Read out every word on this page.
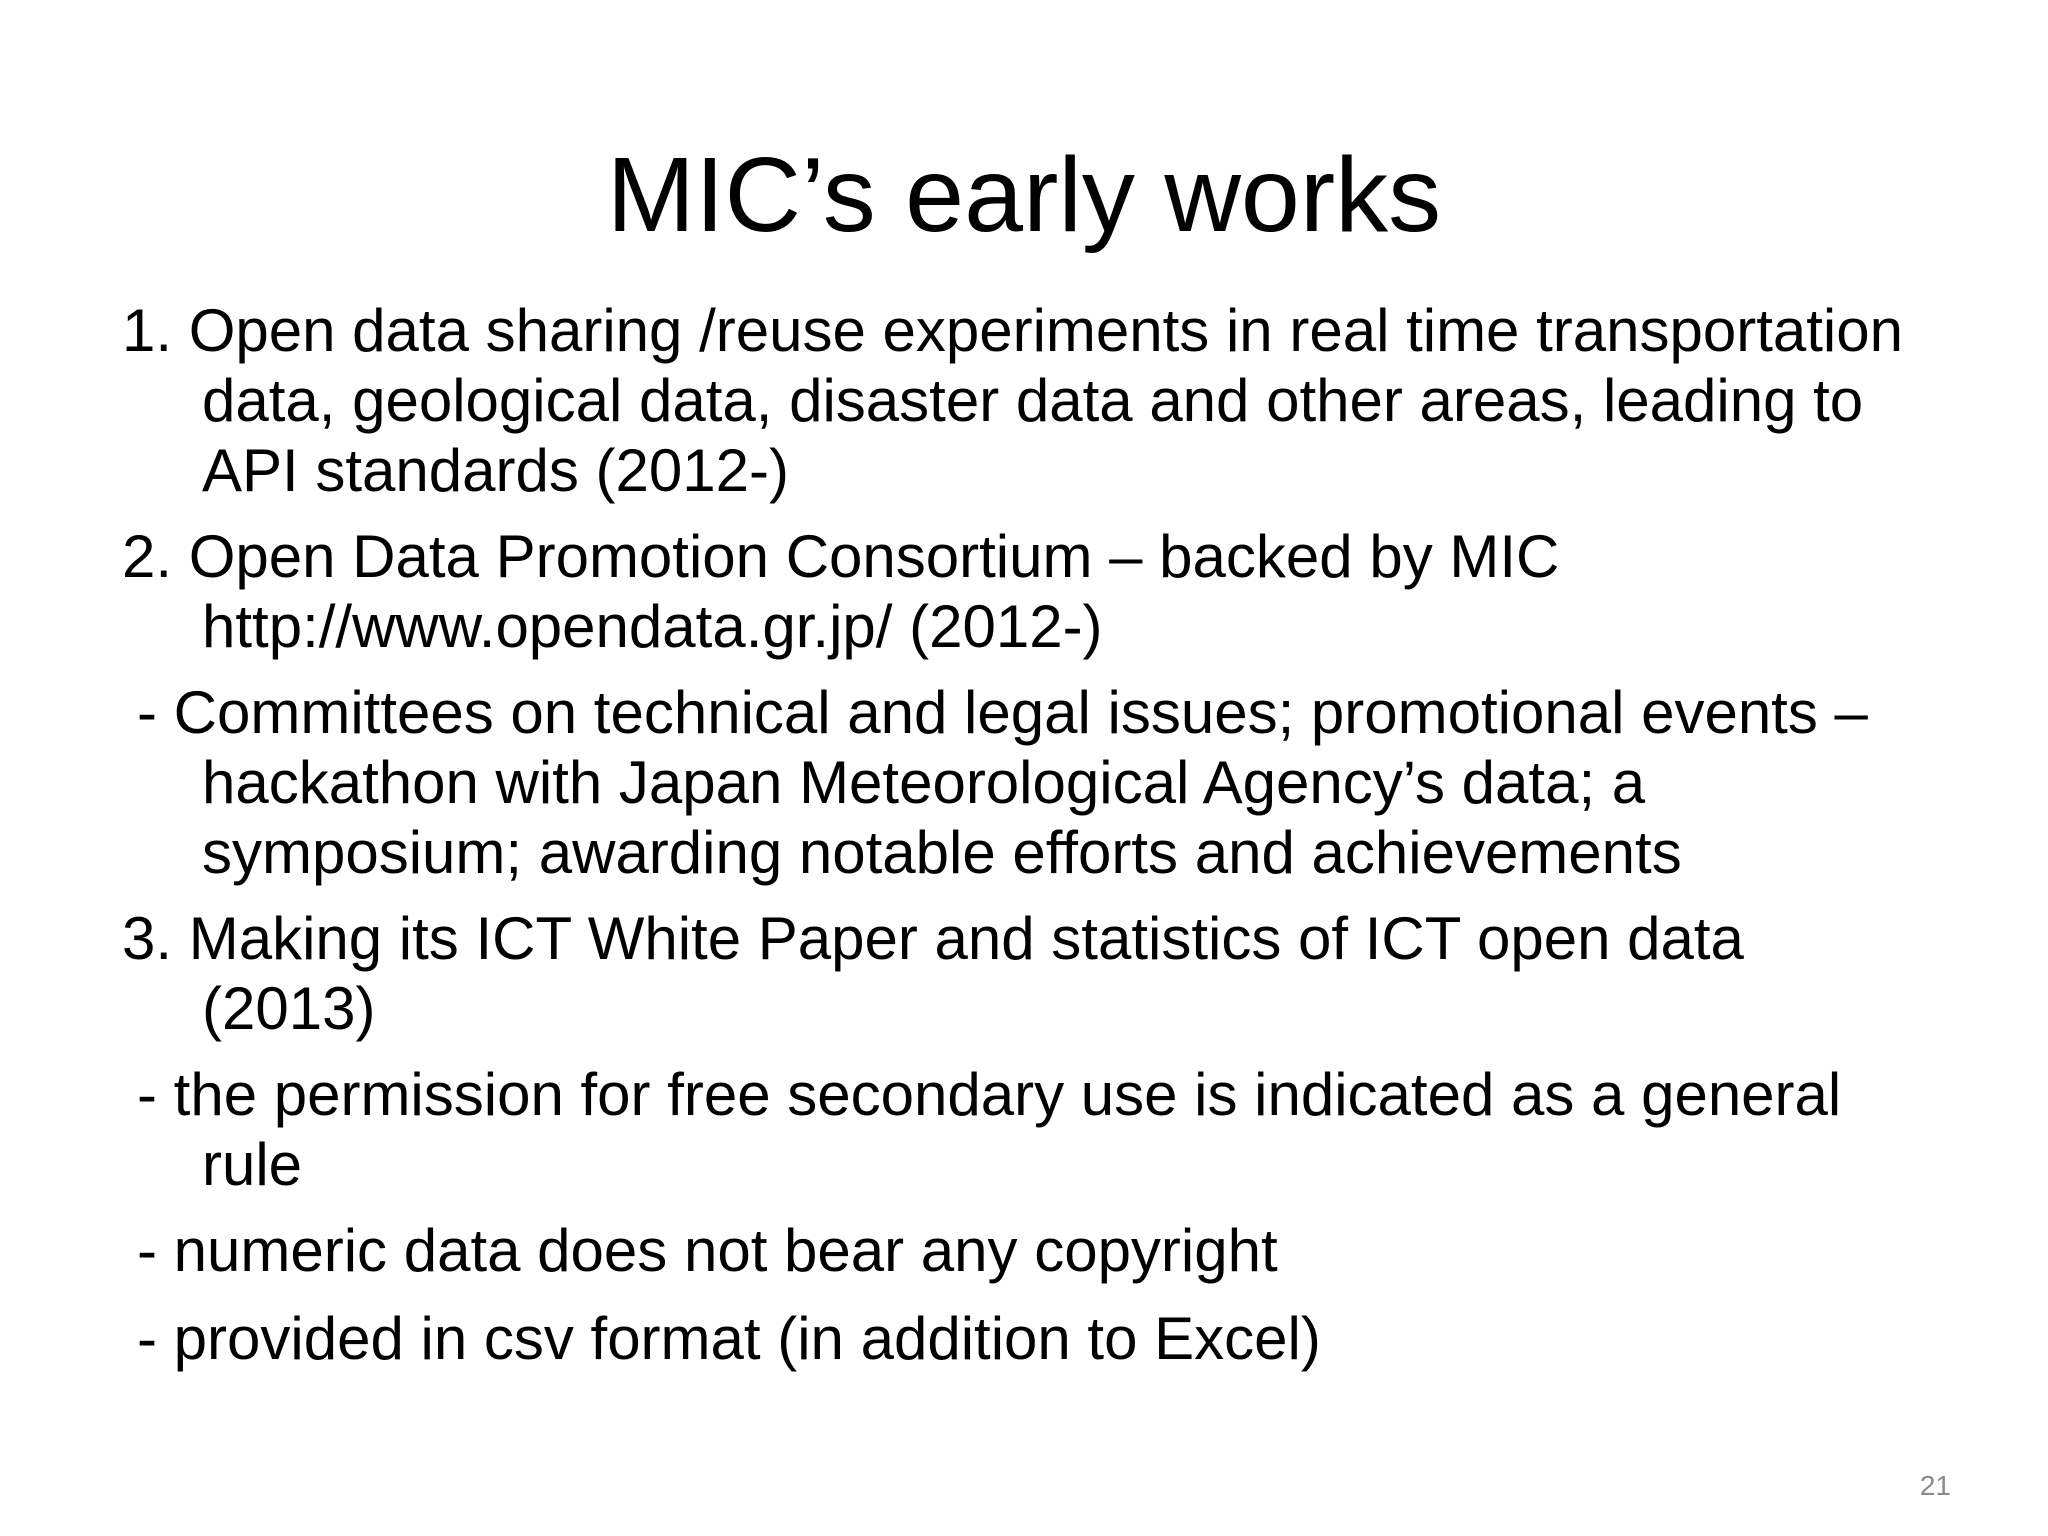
MIC’s early works

1. Open data sharing /reuse experiments in real time transportation data, geological data, disaster data and other areas, leading to API standards (2012-)

2. Open Data Promotion Consortium – backed by MIC http://www.opendata.gr.jp/ (2012-)

- Committees on technical and legal issues; promotional events – hackathon with Japan Meteorological Agency’s data; a symposium; awarding notable efforts and achievements

3. Making its ICT White Paper and statistics of ICT open data (2013)

- the permission for free secondary use is indicated as a general rule

- numeric data does not bear any copyright

- provided in csv format (in addition to Excel)

21
